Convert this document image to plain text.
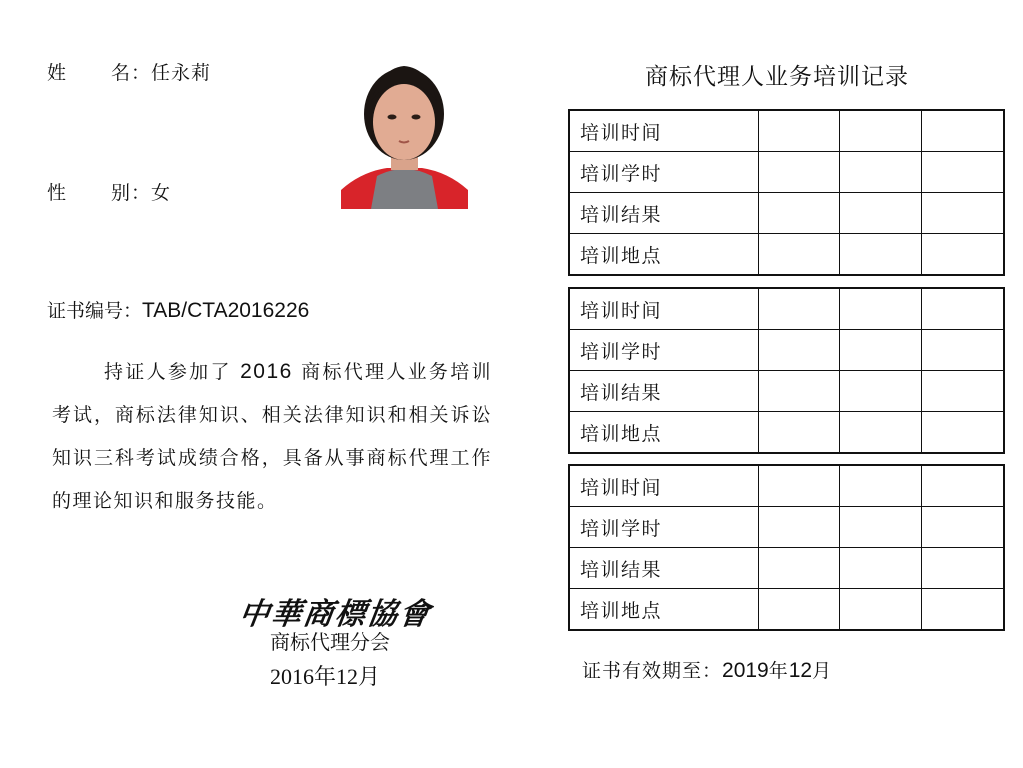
姓 名：任永莉
性 别：女
证书编号：TAB/CTA2016226
持证人参加了 2016 商标代理人业务培训考试，商标法律知识、相关法律知识和相关诉讼知识三科考试成绩合格，具备从事商标代理工作的理论知识和服务技能。
中華商標協會
商标代理分会
2016年12月
商标代理人业务培训记录
培训时间			
培训学时			
培训结果			
培训地点			
培训时间			
培训学时			
培训结果			
培训地点			
培训时间			
培训学时			
培训结果			
培训地点			
证书有效期至：2019年12月
